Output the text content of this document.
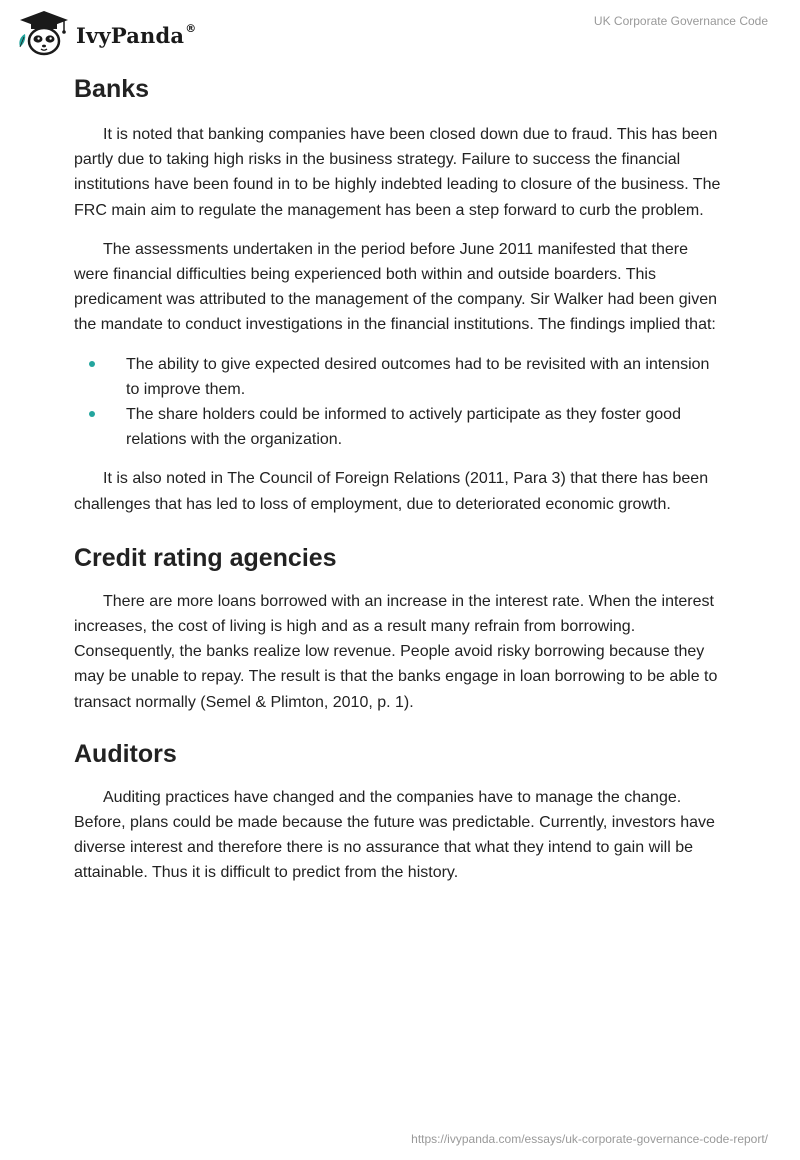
IvyPanda®
UK Corporate Governance Code
Banks

It is noted that banking companies have been closed down due to fraud. This has been partly due to taking high risks in the business strategy. Failure to success the financial institutions have been found in to be highly indebted leading to closure of the business. The FRC main aim to regulate the management has been a step forward to curb the problem.

The assessments undertaken in the period before June 2011 manifested that there were financial difficulties being experienced both within and outside boarders. This predicament was attributed to the management of the company. Sir Walker had been given the mandate to conduct investigations in the financial institutions. The findings implied that:

The ability to give expected desired outcomes had to be revisited with an intension to improve them.
The share holders could be informed to actively participate as they foster good relations with the organization.

It is also noted in The Council of Foreign Relations (2011, Para 3) that there has been challenges that has led to loss of employment, due to deteriorated economic growth.

Credit rating agencies

There are more loans borrowed with an increase in the interest rate. When the interest increases, the cost of living is high and as a result many refrain from borrowing. Consequently, the banks realize low revenue. People avoid risky borrowing because they may be unable to repay. The result is that the banks engage in loan borrowing to be able to transact normally (Semel & Plimton, 2010, p. 1).

Auditors

Auditing practices have changed and the companies have to manage the change. Before, plans could be made because the future was predictable. Currently, investors have diverse interest and therefore there is no assurance that what they intend to gain will be attainable. Thus it is difficult to predict from the history.

https://ivypanda.com/essays/uk-corporate-governance-code-report/
